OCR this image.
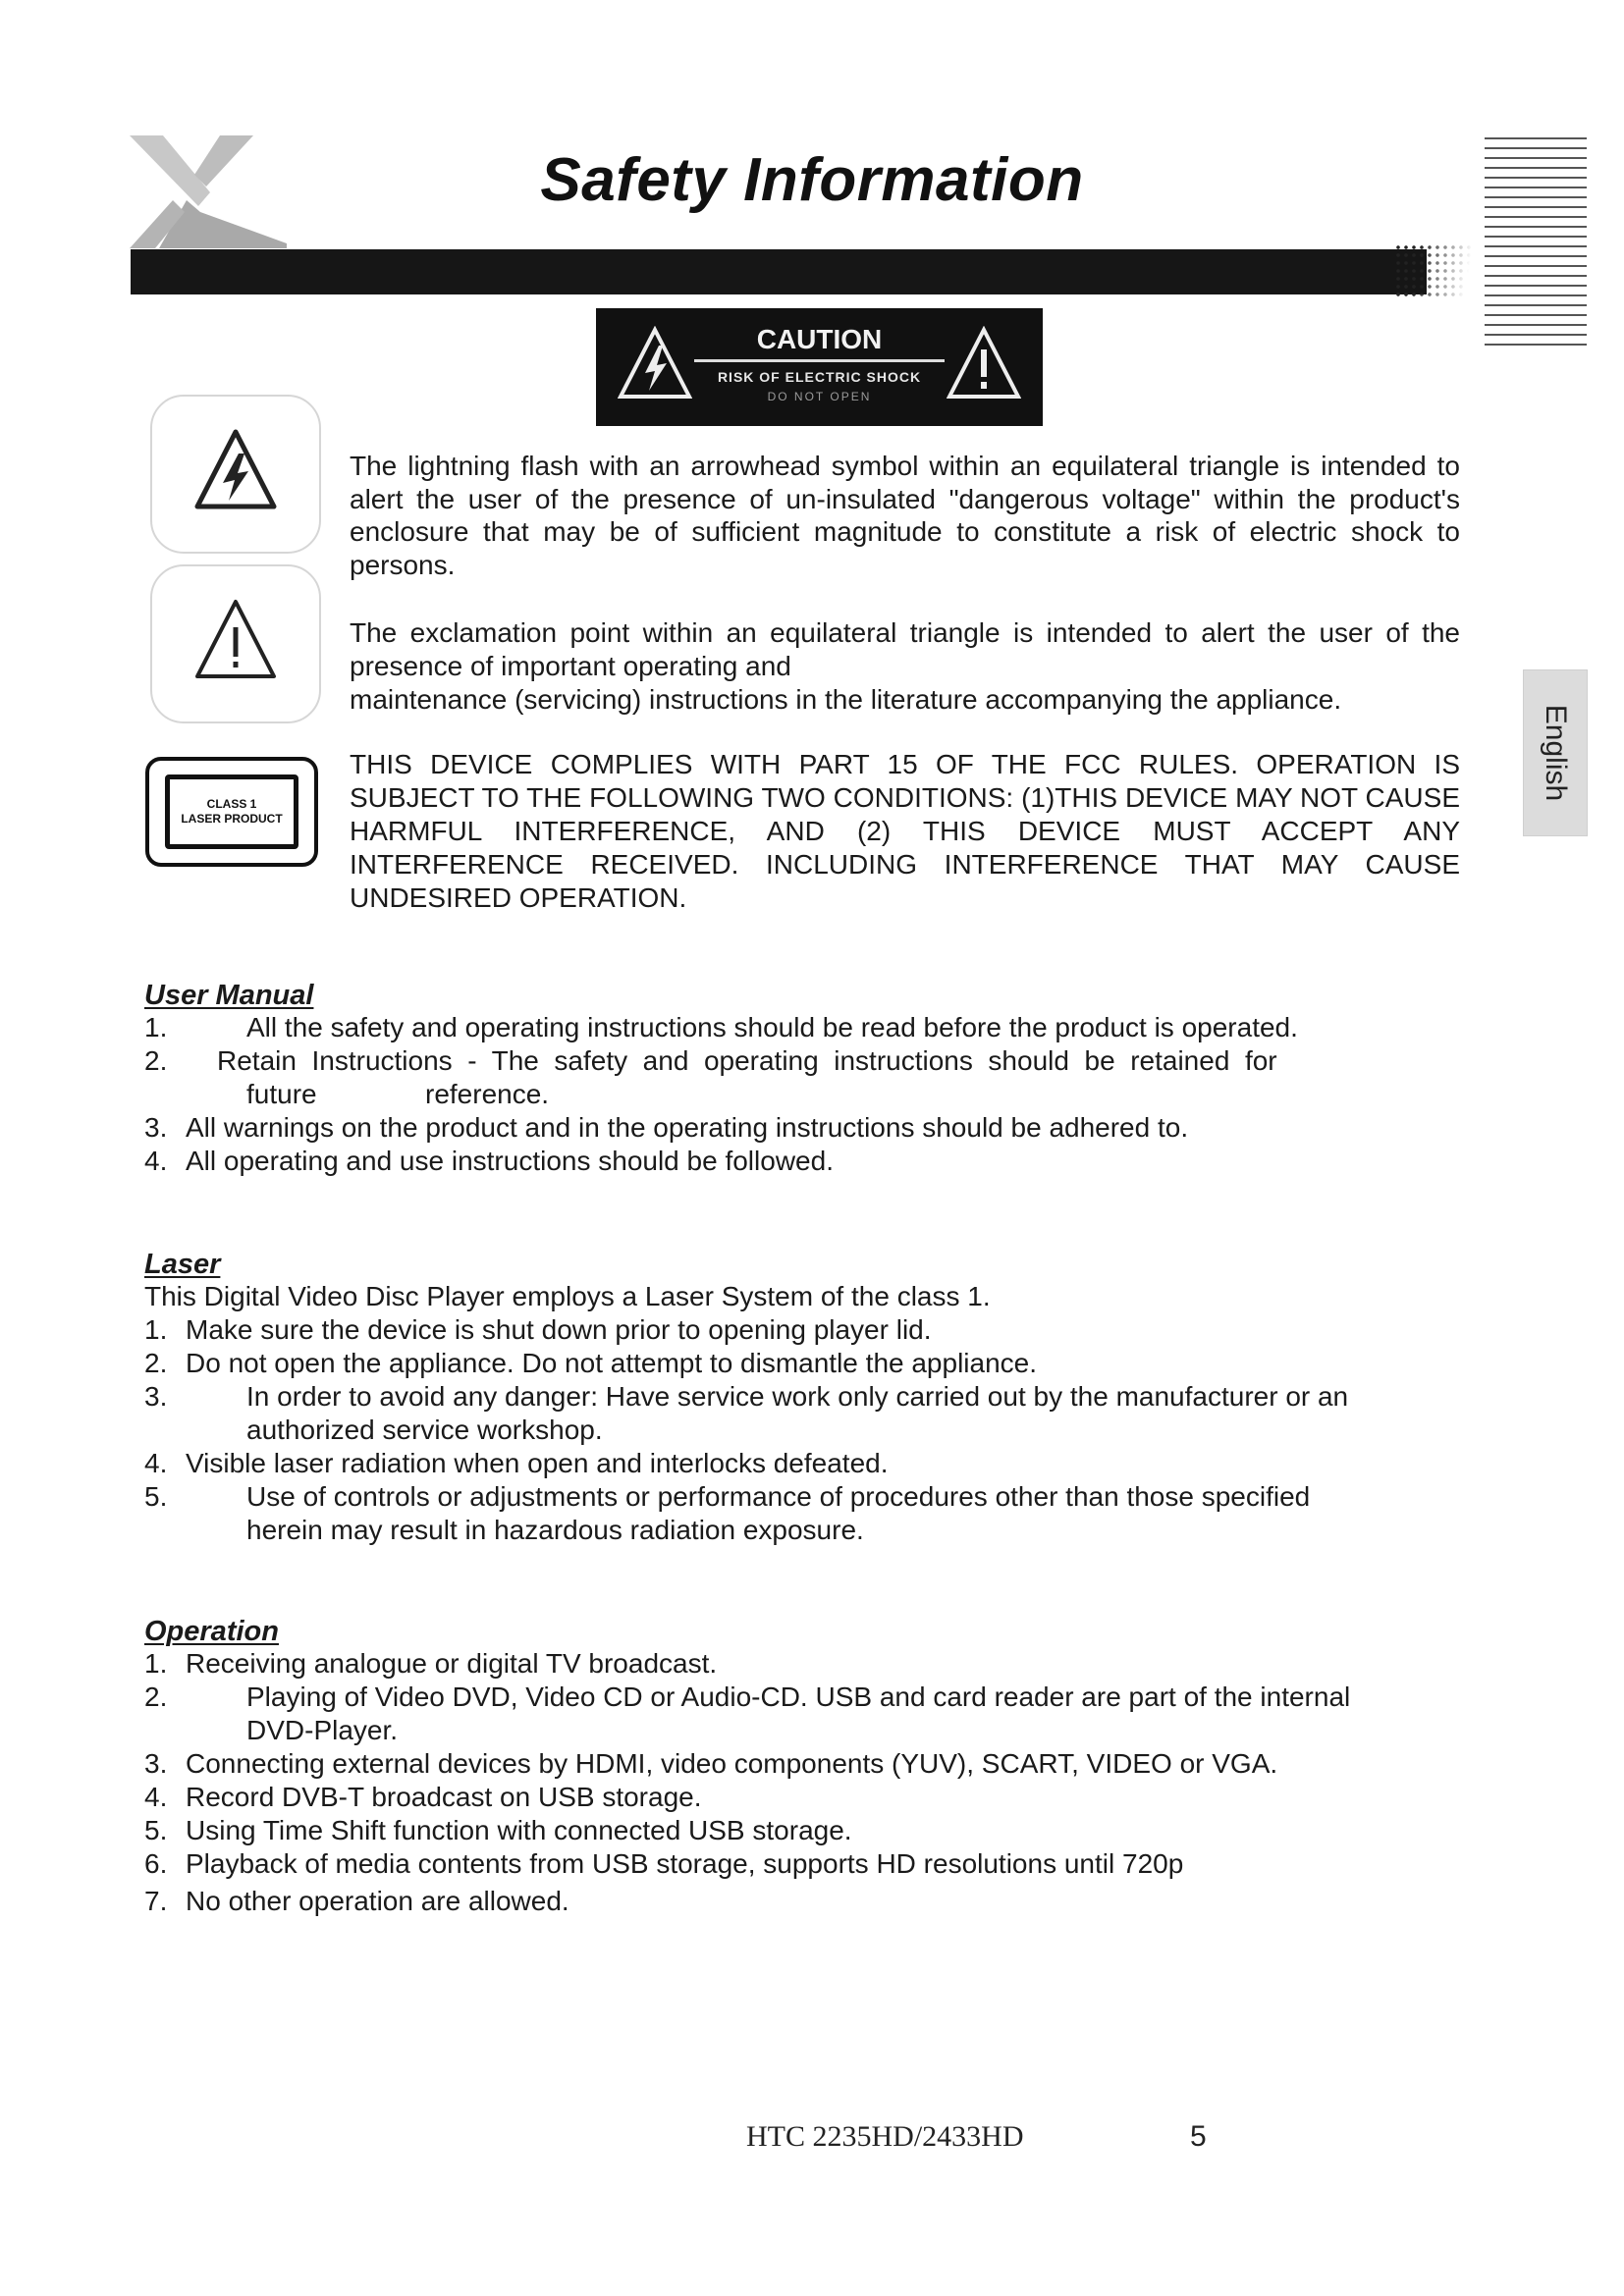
Safety Information
English
CAUTION
RISK OF ELECTRIC SHOCK
DO NOT OPEN
CLASS 1
LASER PRODUCT

The lightning flash with an arrowhead symbol within an equilateral triangle is intended to alert the user of the presence of un-insulated "dangerous voltage" within the product's enclosure that may be of sufficient magnitude to constitute a risk of electric shock to persons.

The exclamation point within an equilateral triangle is intended to alert the user of the presence of important operating and

maintenance (servicing) instructions in the literature accompanying the appliance.

THIS DEVICE COMPLIES WITH PART 15 OF THE FCC RULES. OPERATION IS SUBJECT TO THE FOLLOWING TWO CONDITIONS: (1)THIS DEVICE MAY NOT CAUSE HARMFUL INTERFERENCE, AND (2) THIS DEVICE MUST ACCEPT ANY INTERFERENCE RECEIVED. INCLUDING INTERFERENCE THAT MAY CAUSE UNDESIRED OPERATION.

User Manual

1.	All the safety and operating instructions should be read before the product is operated.
2.	Retain  Instructions  -  The  safety  and  operating  instructions  should  be  retained  for
future	reference.
3. All warnings on the product and in the operating instructions should be adhered to.
4. All operating and use instructions should be followed.

Laser

This Digital Video Disc Player employs a Laser System of the class 1.

1. Make sure the device is shut down prior to opening player lid.
2. Do not open the appliance. Do not attempt to dismantle the appliance.
3.	In order to avoid any danger: Have service work only carried out by the manufacturer or an
authorized service workshop.
4. Visible laser radiation when open and interlocks defeated.
5.	Use of controls or adjustments or performance of procedures other than those specified
herein may result in hazardous radiation exposure.

Operation

1. Receiving analogue or digital TV broadcast.
2.	Playing of Video DVD, Video CD or Audio-CD. USB and card reader are part of the internal
DVD-Player.
3. Connecting external devices by HDMI, video components (YUV), SCART, VIDEO or VGA.
4. Record DVB-T broadcast on USB storage.
5. Using Time Shift function with connected USB storage.
6. Playback of media contents from USB storage, supports HD resolutions until 720p
7. No other operation are allowed.
HTC 2235HD/2433HD	5
